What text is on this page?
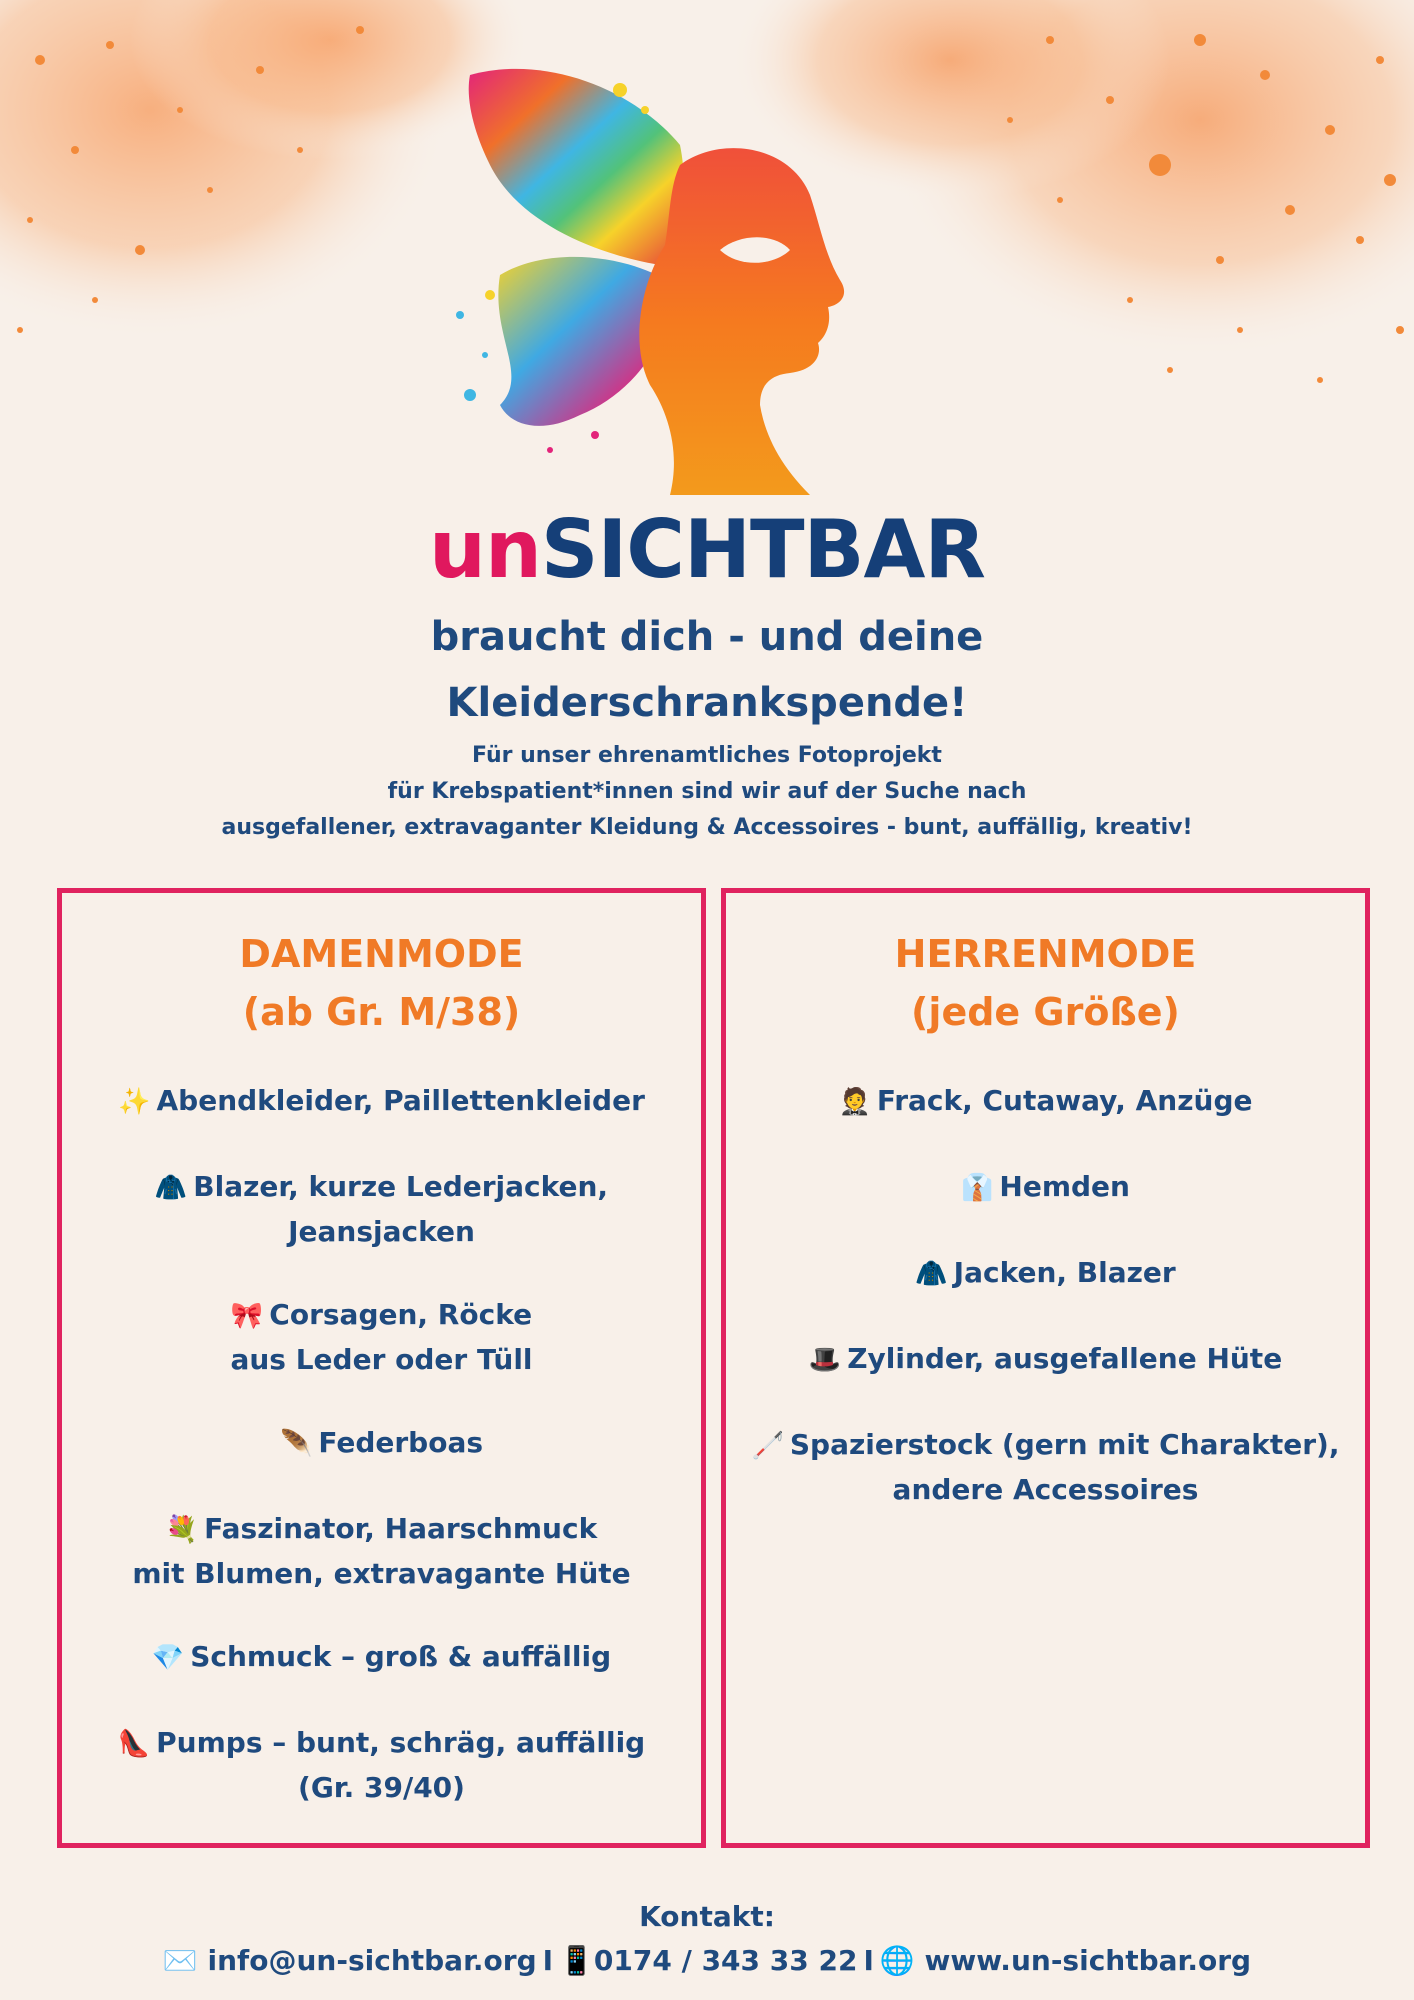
unSICHTBAR
braucht dich - und deine
Kleiderschrankspende!
Für unser ehrenamtliches Fotoprojekt
für Krebspatient*innen sind wir auf der Suche nach
ausgefallener, extravaganter Kleidung & Accessoires - bunt, auffällig, kreativ!
DAMENMODE
(ab Gr. M/38)
✨ Abendkleider, Paillettenkleider
🧥 Blazer, kurze Lederjacken,
Jeansjacken
🎀 Corsagen, Röcke
aus Leder oder Tüll
🪶 Federboas
💐 Faszinator, Haarschmuck
mit Blumen, extravagante Hüte
💎 Schmuck – groß & auffällig
👠 Pumps – bunt, schräg, auffällig
(Gr. 39/40)
HERRENMODE
(jede Größe)
🤵 Frack, Cutaway, Anzüge
👔 Hemden
🧥 Jacken, Blazer
🎩 Zylinder, ausgefallene Hüte
🦯 Spazierstock (gern mit Charakter),
andere Accessoires
Kontakt:
✉️ info@un-sichtbar.org I 📱0174 / 343 33 22 I 🌐 www.un-sichtbar.org
